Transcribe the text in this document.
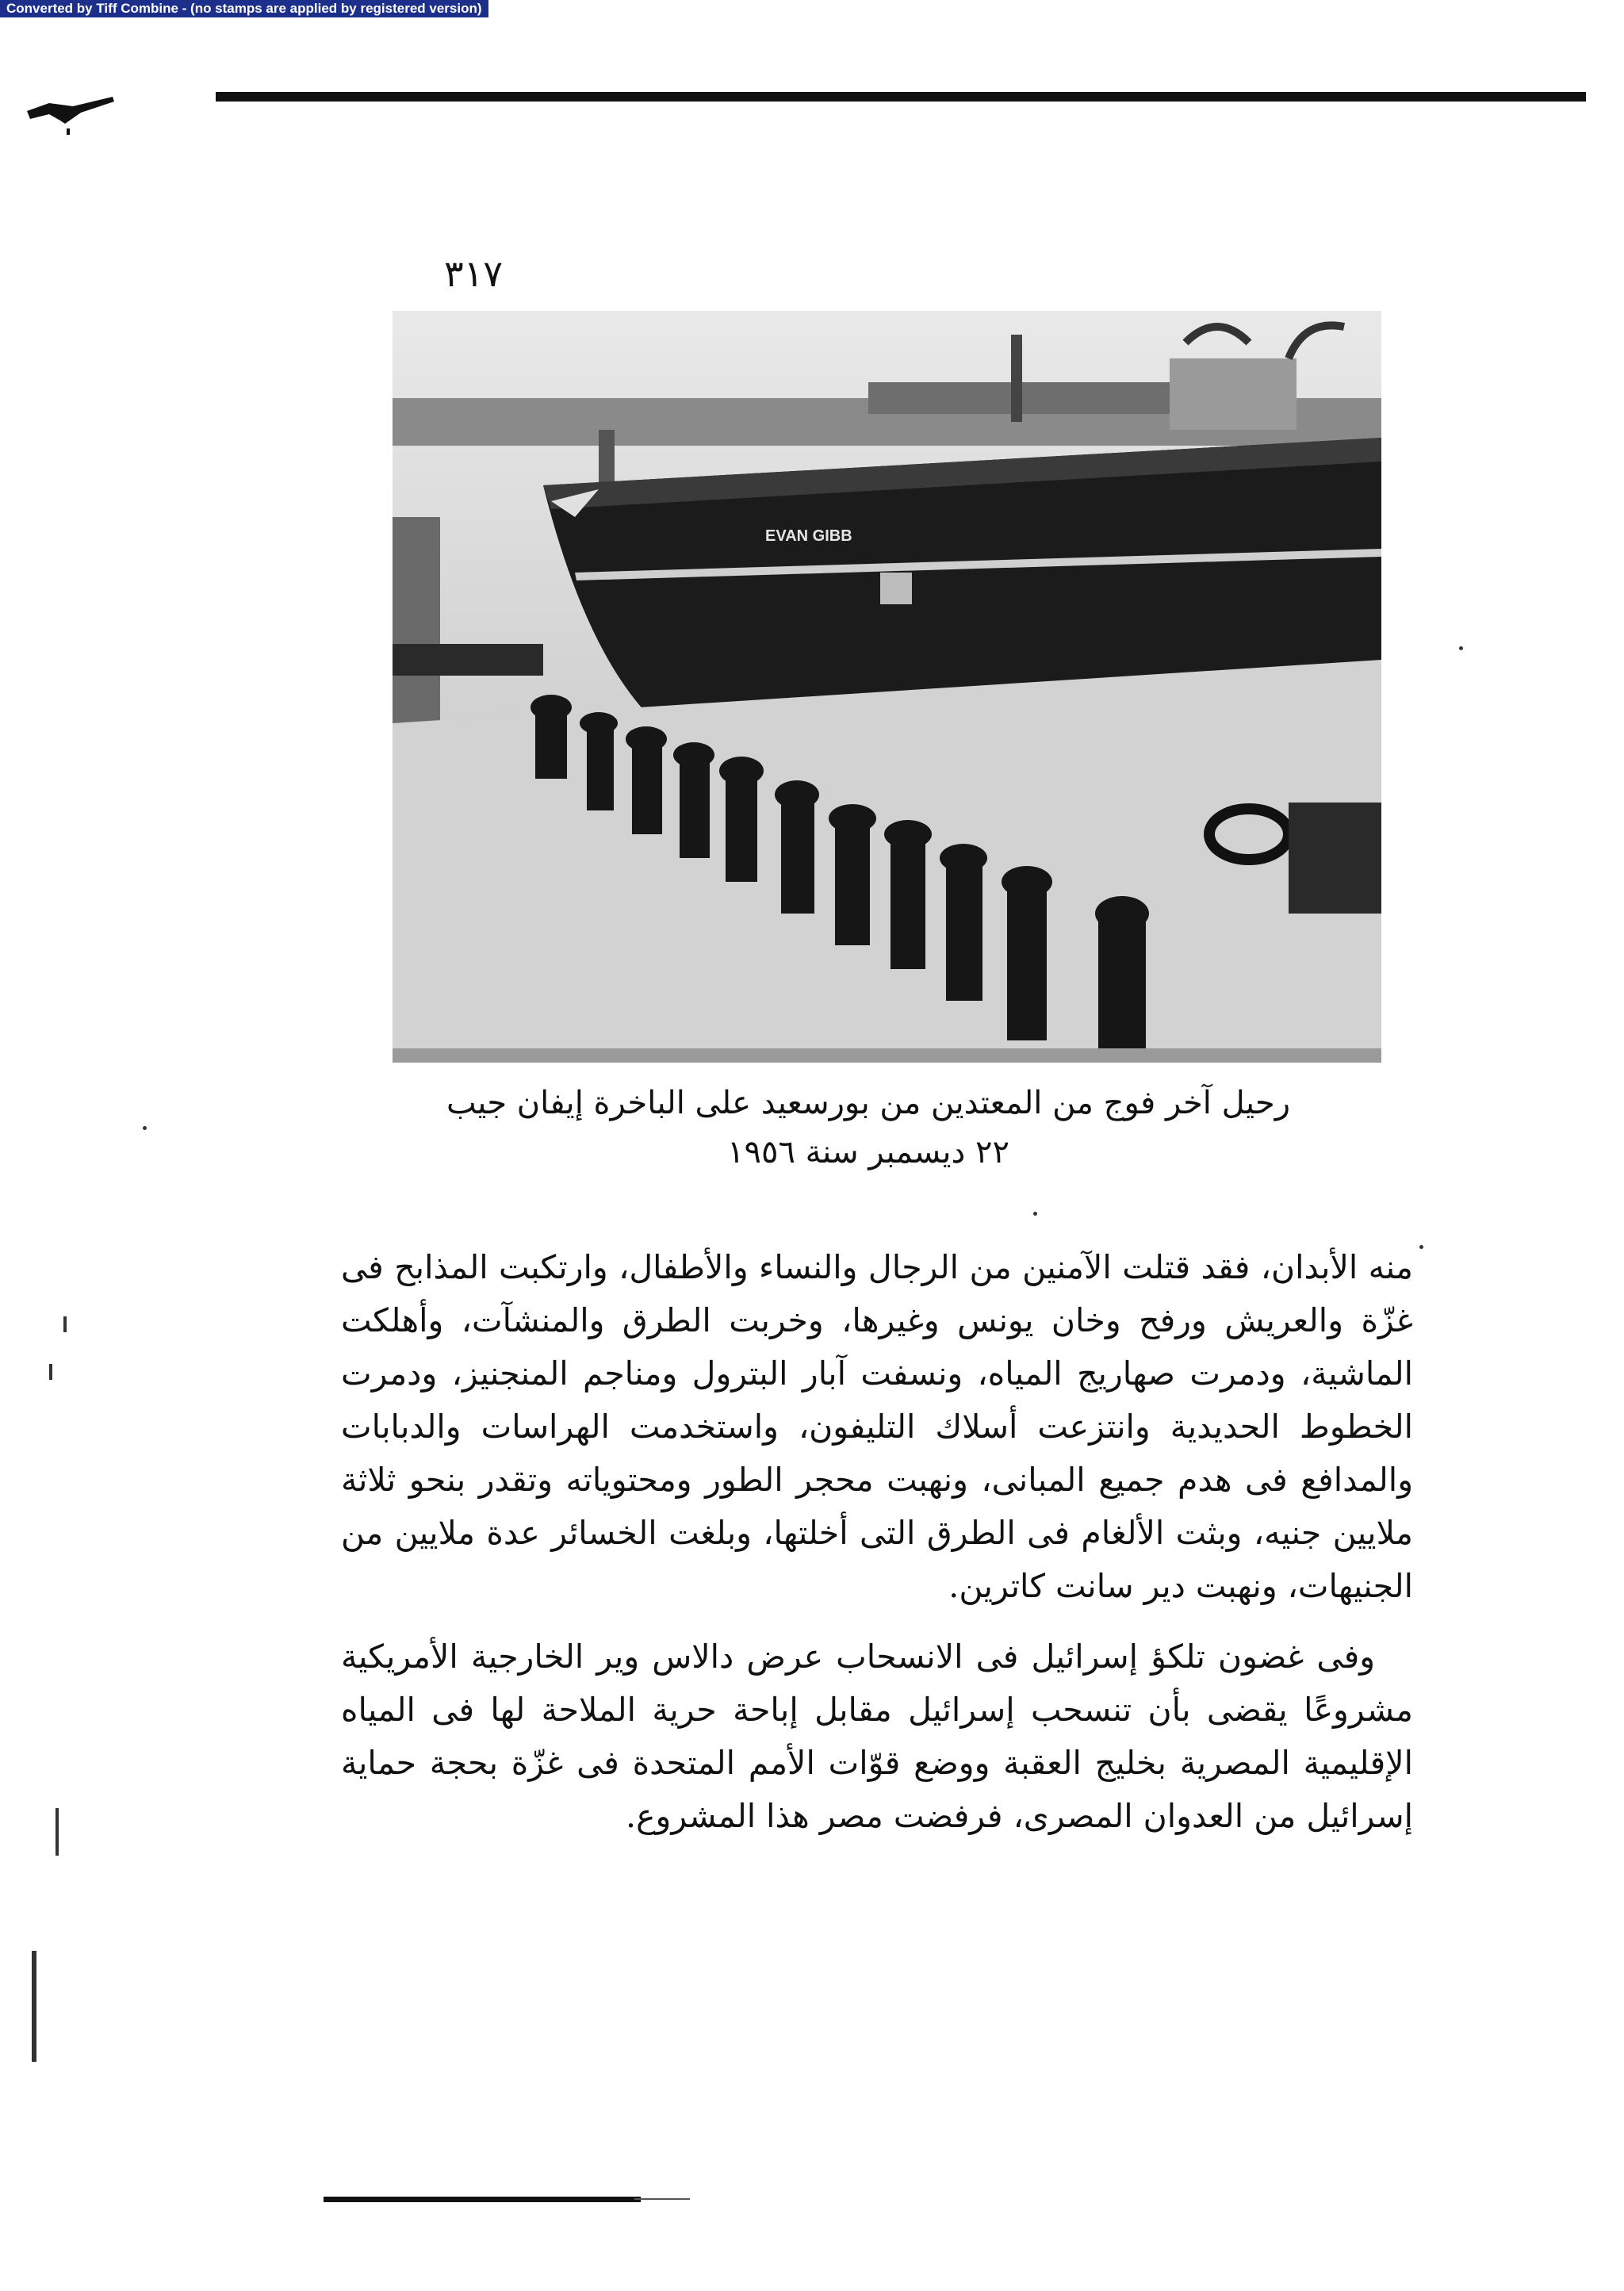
Converted by Tiff Combine - (no stamps are applied by registered version)
٣١٧
EVAN GIBB
رحيل آخر فوج من المعتدين من بورسعيد على الباخرة إيفان جيب
٢٢ ديسمبر سنة ١٩٥٦

منه الأبدان، فقد قتلت الآمنين من الرجال والنساء والأطفال، وارتكبت المذابح فى غزّة والعريش ورفح وخان يونس وغيرها، وخربت الطرق والمنشآت، وأهلكت الماشية، ودمرت صهاريج المياه، ونسفت آبار البترول ومناجم المنجنيز، ودمرت الخطوط الحديدية وانتزعت أسلاك التليفون، واستخدمت الهراسات والدبابات والمدافع فى هدم جميع المبانى، ونهبت محجر الطور ومحتوياته وتقدر بنحو ثلاثة ملايين جنيه، وبثت الألغام فى الطرق التى أخلتها، وبلغت الخسائر عدة ملايين من الجنيهات، ونهبت دير سانت كاترين.

وفى غضون تلكؤ إسرائيل فى الانسحاب عرض دالاس وير الخارجية الأمريكية مشروعًا يقضى بأن تنسحب إسرائيل مقابل إباحة حرية الملاحة لها فى المياه الإقليمية المصرية بخليج العقبة ووضع قوّات الأمم المتحدة فى غزّة بحجة حماية إسرائيل من العدوان المصرى، فرفضت مصر هذا المشروع.
